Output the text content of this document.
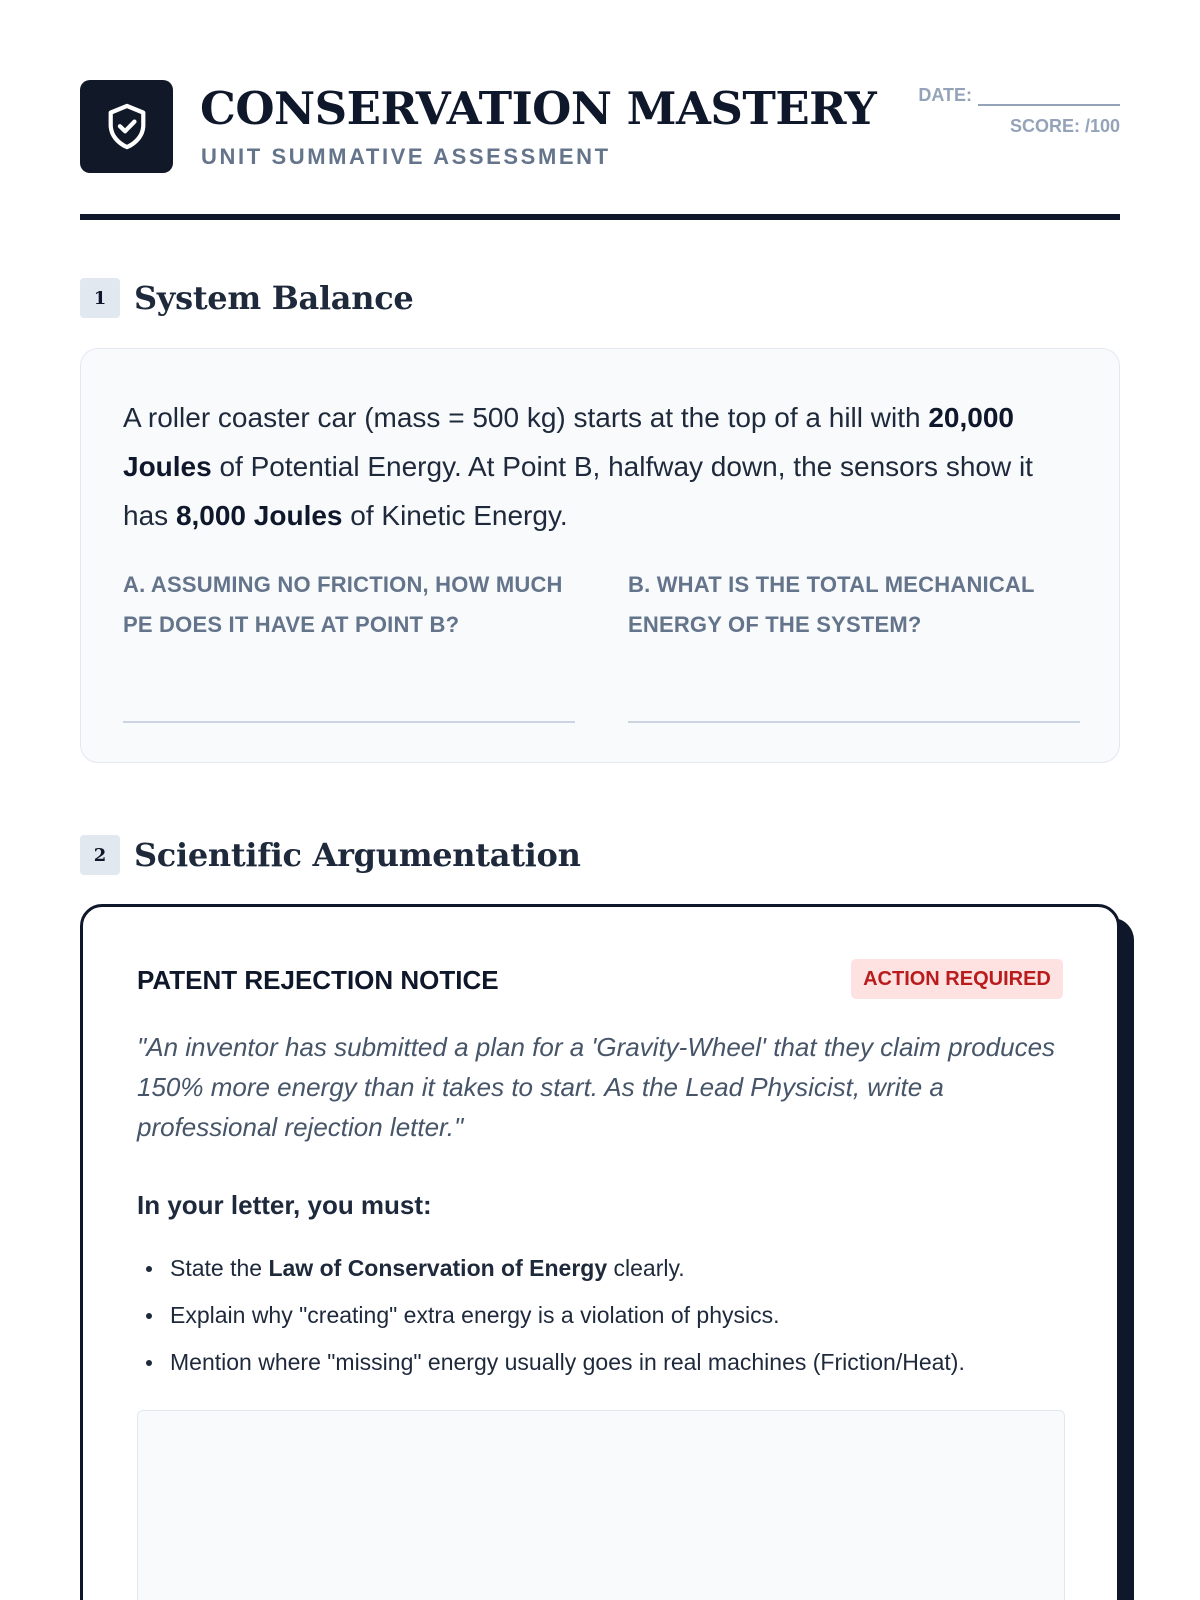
CONSERVATION MASTERY
UNIT SUMMATIVE ASSESSMENT
DATE:
SCORE: /100
1 System Balance

A roller coaster car (mass = 500 kg) starts at the top of a hill with 20,000 Joules of Potential Energy. At Point B, halfway down, the sensors show it has 8,000 Joules of Kinetic Energy.

A. ASSUMING NO FRICTION, HOW MUCH PE DOES IT HAVE AT POINT B?
B. WHAT IS THE TOTAL MECHANICAL ENERGY OF THE SYSTEM?
2 Scientific Argumentation
PATENT REJECTION NOTICE	ACTION REQUIRED

"An inventor has submitted a plan for a 'Gravity-Wheel' that they claim produces 150% more energy than it takes to start. As the Lead Physicist, write a professional rejection letter."

In your letter, you must:
State the Law of Conservation of Energy clearly.
Explain why "creating" extra energy is a violation of physics.
Mention where "missing" energy usually goes in real machines (Friction/Heat).
